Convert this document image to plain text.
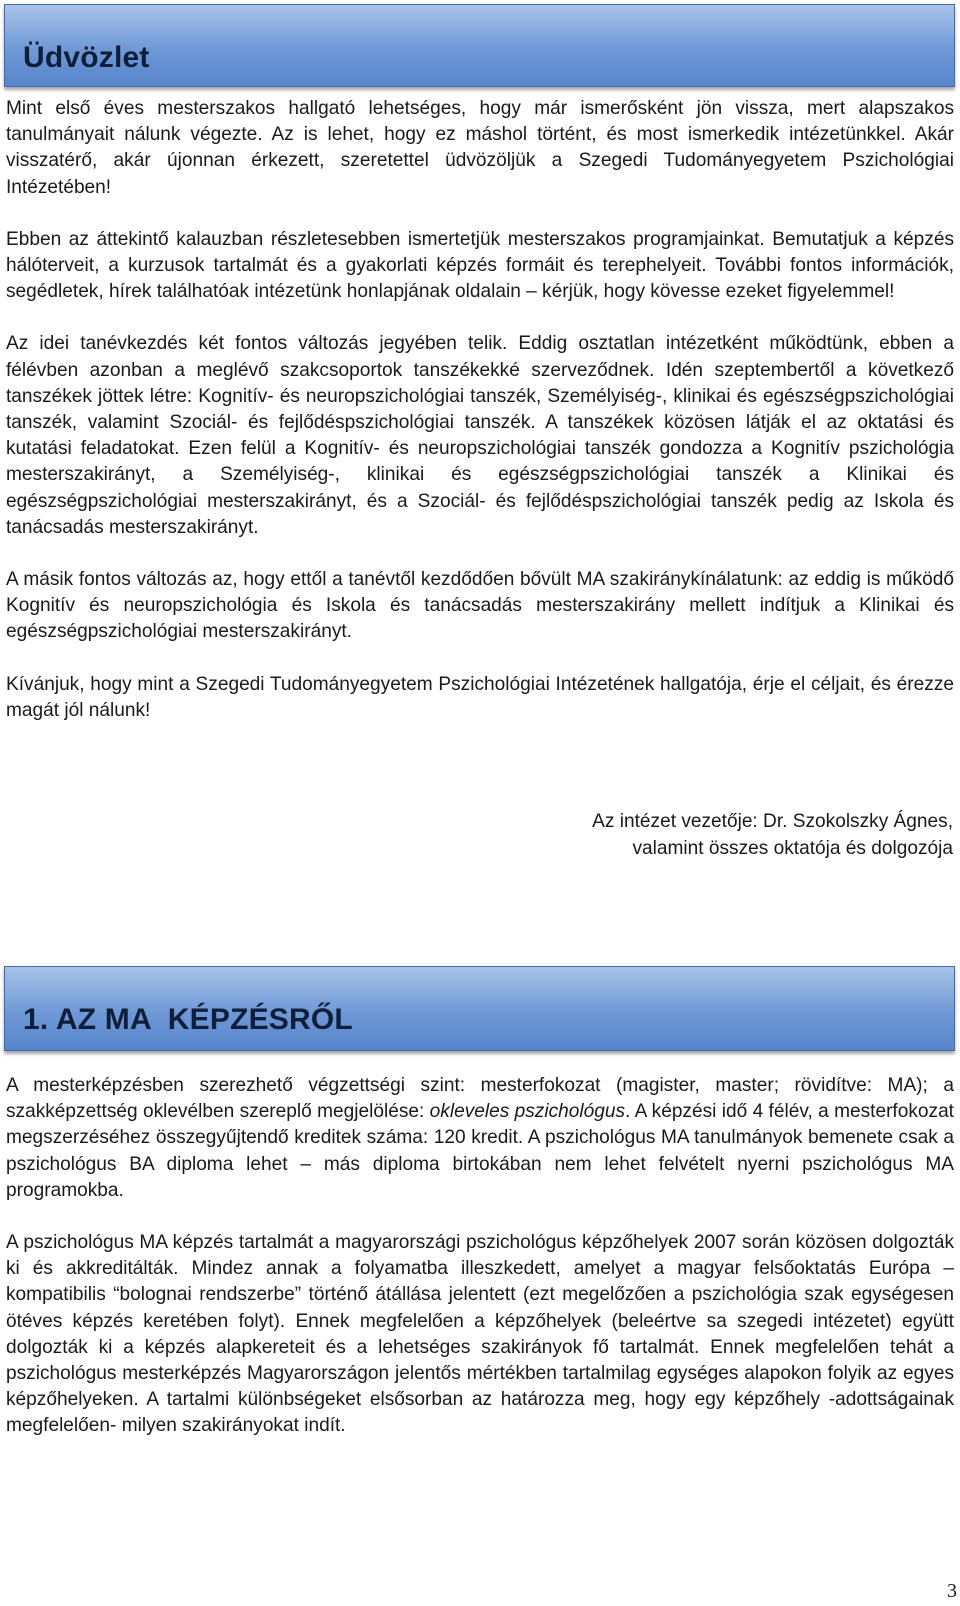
Üdvözlet

Mint első éves mesterszakos hallgató lehetséges, hogy már ismerősként jön vissza, mert alapszakos tanulmányait nálunk végezte. Az is lehet, hogy ez máshol történt, és most ismerkedik intézetünkkel. Akár visszatérő, akár újonnan érkezett, szeretettel üdvözöljük a Szegedi Tudományegyetem Pszichológiai Intézetében!

Ebben az áttekintő kalauzban részletesebben ismertetjük mesterszakos programjainkat. Bemutatjuk a képzés hálóterveit, a kurzusok tartalmát és a gyakorlati képzés formáit és terephelyeit. További fontos információk, segédletek, hírek találhatóak intézetünk honlapjának oldalain – kérjük, hogy kövesse ezeket figyelemmel!

Az idei tanévkezdés két fontos változás jegyében telik. Eddig osztatlan intézetként működtünk, ebben a félévben azonban a meglévő szakcsoportok tanszékekké szerveződnek. Idén szeptembertől a következő tanszékek jöttek létre: Kognitív- és neuropszichológiai tanszék, Személyiség-, klinikai és egészségpszichológiai tanszék, valamint Szociál- és fejlődéspszichológiai tanszék. A tanszékek közösen látják el az oktatási és kutatási feladatokat. Ezen felül a Kognitív- és neuropszichológiai tanszék gondozza a Kognitív pszichológia mesterszakirányt, a Személyiség-, klinikai és egészségpszichológiai tanszék a Klinikai és egészségpszichológiai mesterszakirányt, és a Szociál- és fejlődéspszichológiai tanszék pedig az Iskola és tanácsadás mesterszakirányt.

A másik fontos változás az, hogy ettől a tanévtől kezdődően bővült MA szakiránykínálatunk: az eddig is működő Kognitív és neuropszichológia és Iskola és tanácsadás mesterszakirány mellett indítjuk a Klinikai és egészségpszichológiai mesterszakirányt.

Kívánjuk, hogy mint a Szegedi Tudományegyetem Pszichológiai Intézetének hallgatója, érje el céljait, és érezze magát jól nálunk!

Az intézet vezetője: Dr. Szokolszky Ágnes,
valamint összes oktatója és dolgozója
1. AZ MA  KÉPZÉSRŐL

A mesterképzésben szerezhető végzettségi szint: mesterfokozat (magister, master; rövidítve: MA); a szakképzettség oklevélben szereplő megjelölése: okleveles pszichológus. A képzési idő 4 félév, a mesterfokozat megszerzéséhez összegyűjtendő kreditek száma: 120 kredit. A pszichológus MA tanulmányok bemenete csak a pszichológus BA diploma lehet – más diploma birtokában nem lehet felvételt nyerni pszichológus MA programokba.

A pszichológus MA képzés tartalmát a magyarországi pszichológus képzőhelyek 2007 során közösen dolgozták ki és akkreditálták. Mindez annak a folyamatba illeszkedett, amelyet a magyar felsőoktatás Európa – kompatibilis “bolognai rendszerbe” történő átállása jelentett (ezt megelőzően a pszichológia szak egységesen ötéves képzés keretében folyt). Ennek megfelelően a képzőhelyek (beleértve sa szegedi intézetet) együtt dolgozták ki a képzés alapkereteit és a lehetséges szakirányok fő tartalmát. Ennek megfelelően tehát a pszichológus mesterképzés Magyarországon jelentős mértékben tartalmilag egységes alapokon folyik az egyes képzőhelyeken. A tartalmi különbségeket elsősorban az határozza meg, hogy egy képzőhely -adottságainak megfelelően- milyen szakirányokat indít.

3
